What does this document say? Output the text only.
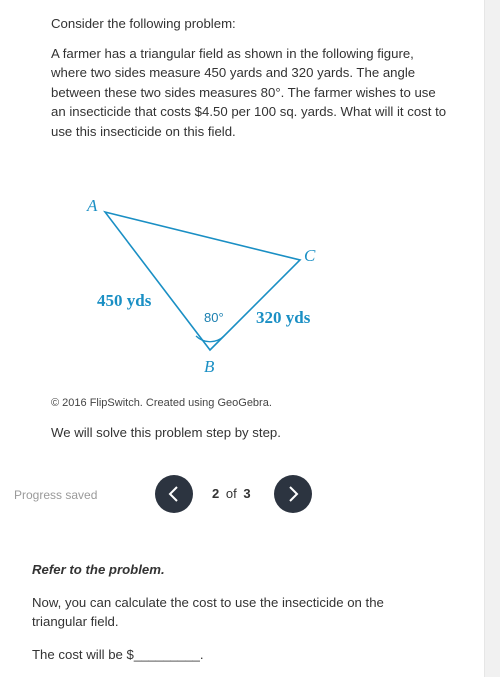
Consider the following problem:

A farmer has a triangular field as shown in the following figure, where two sides measure 450 yards and 320 yards. The angle between these two sides measures 80°. The farmer wishes to use an insecticide that costs $4.50 per 100 sq. yards. What will it cost to use this insecticide on this field.

A
C
B
450 yds
320 yds
80°
© 2016 FlipSwitch. Created using GeoGebra.
We will solve this problem step by step.
Progress saved	2 of 3

Refer to the problem.

Now, you can calculate the cost to use the insecticide on the triangular field.

The cost will be $_________.
